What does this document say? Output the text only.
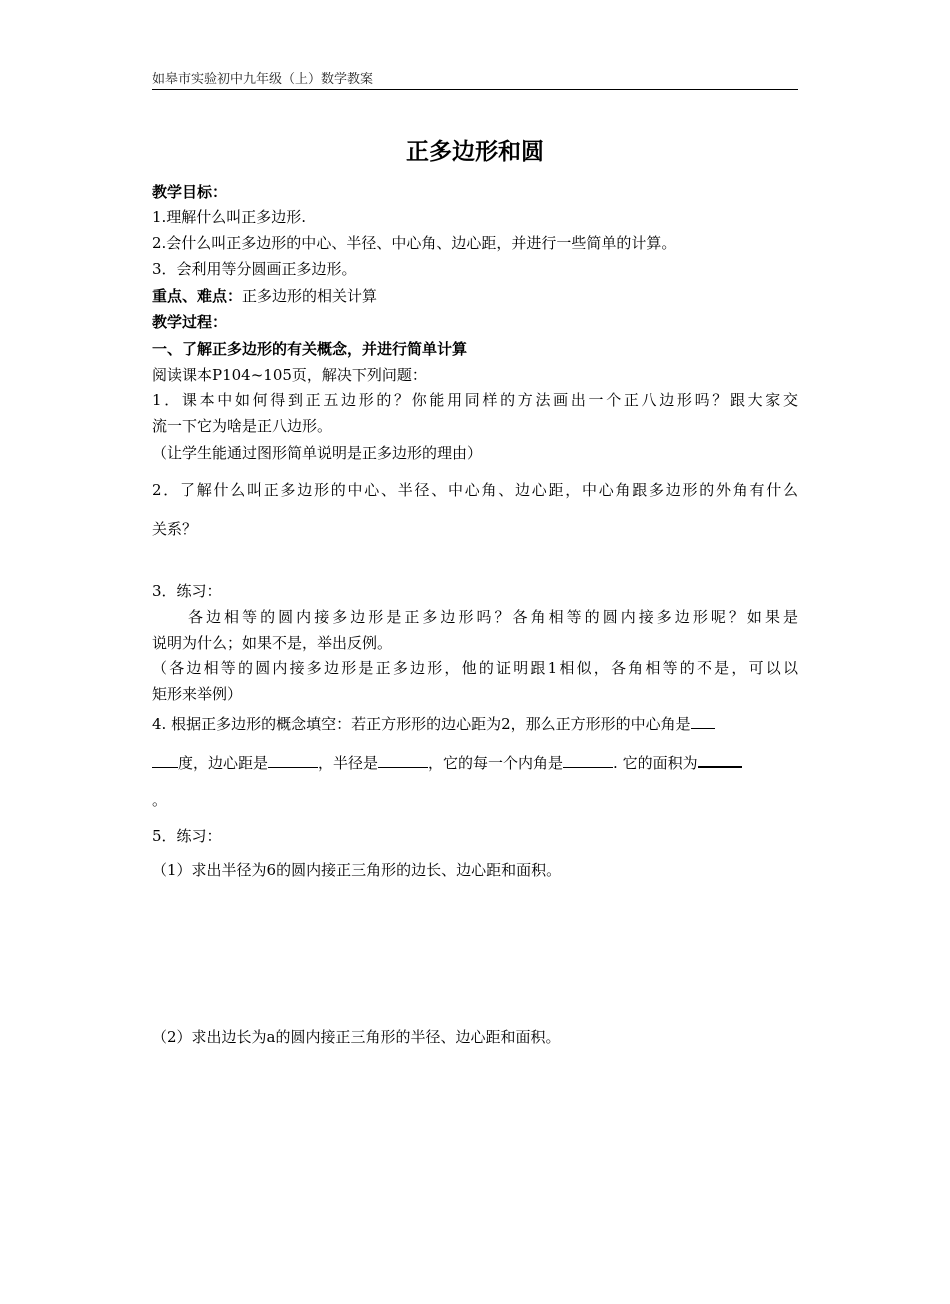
如皋市实验初中九年级（上）数学教案
正多边形和圆
教学目标：
1.理解什么叫正多边形.
2.会什么叫正多边形的中心、半径、中心角、边心距，并进行一些简单的计算。
3．会利用等分圆画正多边形。
重点、难点：正多边形的相关计算
教学过程：
一、了解正多边形的有关概念，并进行简单计算
阅读课本P104~105页，解决下列问题：
1．课本中如何得到正五边形的？你能用同样的方法画出一个正八边形吗？跟大家交
流一下它为啥是正八边形。
（让学生能通过图形简单说明是正多边形的理由）
2．了解什么叫正多边形的中心、半径、中心角、边心距，中心角跟多边形的外角有什么
关系？
3．练习：
各边相等的圆内接多边形是正多边形吗？各角相等的圆内接多边形呢？如果是
说明为什么；如果不是，举出反例。
（各边相等的圆内接多边形是正多边形，他的证明跟1相似，各角相等的不是，可以以
矩形来举例）
4. 根据正多边形的概念填空：若正方形形的边心距为2，那么正方形形的中心角是
度，边心距是	，半径是	，它的每一个内角是	. 它的面积为
。
5．练习：
（1）求出半径为6的圆内接正三角形的边长、边心距和面积。
（2）求出边长为a的圆内接正三角形的半径、边心距和面积。
